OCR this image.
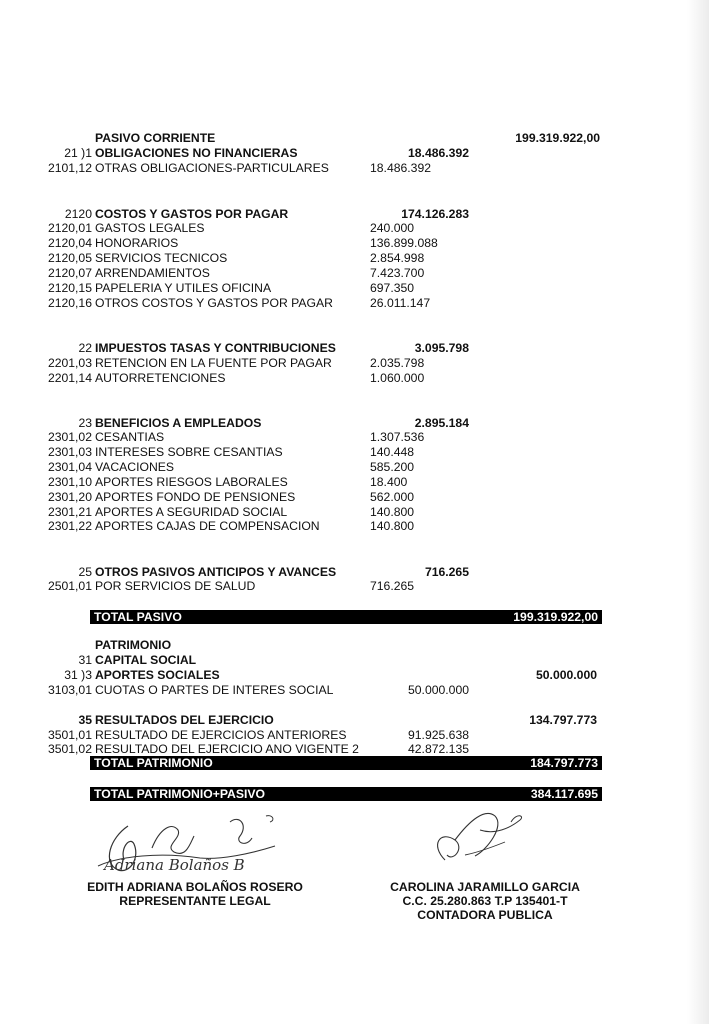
PASIVO CORRIENTE	199.319.922,00
21 )1 OBLIGACIONES NO FINANCIERAS	18.486.392
2101,12 OTRAS OBLIGACIONES-PARTICULARES	18.486.392
2120 COSTOS Y GASTOS POR PAGAR	174.126.283
2120,01 GASTOS LEGALES	240.000
2120,04 HONORARIOS	136.899.088
2120,05 SERVICIOS TECNICOS	2.854.998
2120,07 ARRENDAMIENTOS	7.423.700
2120,15 PAPELERIA Y UTILES OFICINA	697.350
2120,16 OTROS COSTOS Y GASTOS POR PAGAR	26.011.147
22 IMPUESTOS TASAS Y CONTRIBUCIONES	3.095.798
2201,03 RETENCION EN LA FUENTE POR PAGAR	2.035.798
2201,14 AUTORRETENCIONES	1.060.000
23 BENEFICIOS A EMPLEADOS	2.895.184
2301,02 CESANTIAS	1.307.536
2301,03 INTERESES SOBRE CESANTIAS	140.448
2301,04 VACACIONES	585.200
2301,10 APORTES RIESGOS LABORALES	18.400
2301,20 APORTES FONDO DE PENSIONES	562.000
2301,21 APORTES A SEGURIDAD SOCIAL	140.800
2301,22 APORTES CAJAS DE COMPENSACION	140.800
25 OTROS PASIVOS ANTICIPOS Y AVANCES	716.265
2501,01 POR SERVICIOS DE SALUD	716.265
TOTAL PASIVO	199.319.922,00
PATRIMONIO
31 CAPITAL SOCIAL
31 )3 APORTES SOCIALES	50.000.000
3103,01 CUOTAS O PARTES DE INTERES SOCIAL	50.000.000
35 RESULTADOS DEL EJERCICIO	134.797.773
3501,01 RESULTADO DE EJERCICIOS ANTERIORES	91.925.638
3501,02 RESULTADO DEL EJERCICIO ANO VIGENTE 2	42.872.135
TOTAL PATRIMONIO	184.797.773
TOTAL PATRIMONIO+PASIVO	384.117.695
Adriana Bolaños B
EDITH ADRIANA BOLAÑOS ROSERO
REPRESENTANTE LEGAL
CAROLINA JARAMILLO GARCIA
C.C. 25.280.863 T.P 135401-T
CONTADORA PUBLICA
